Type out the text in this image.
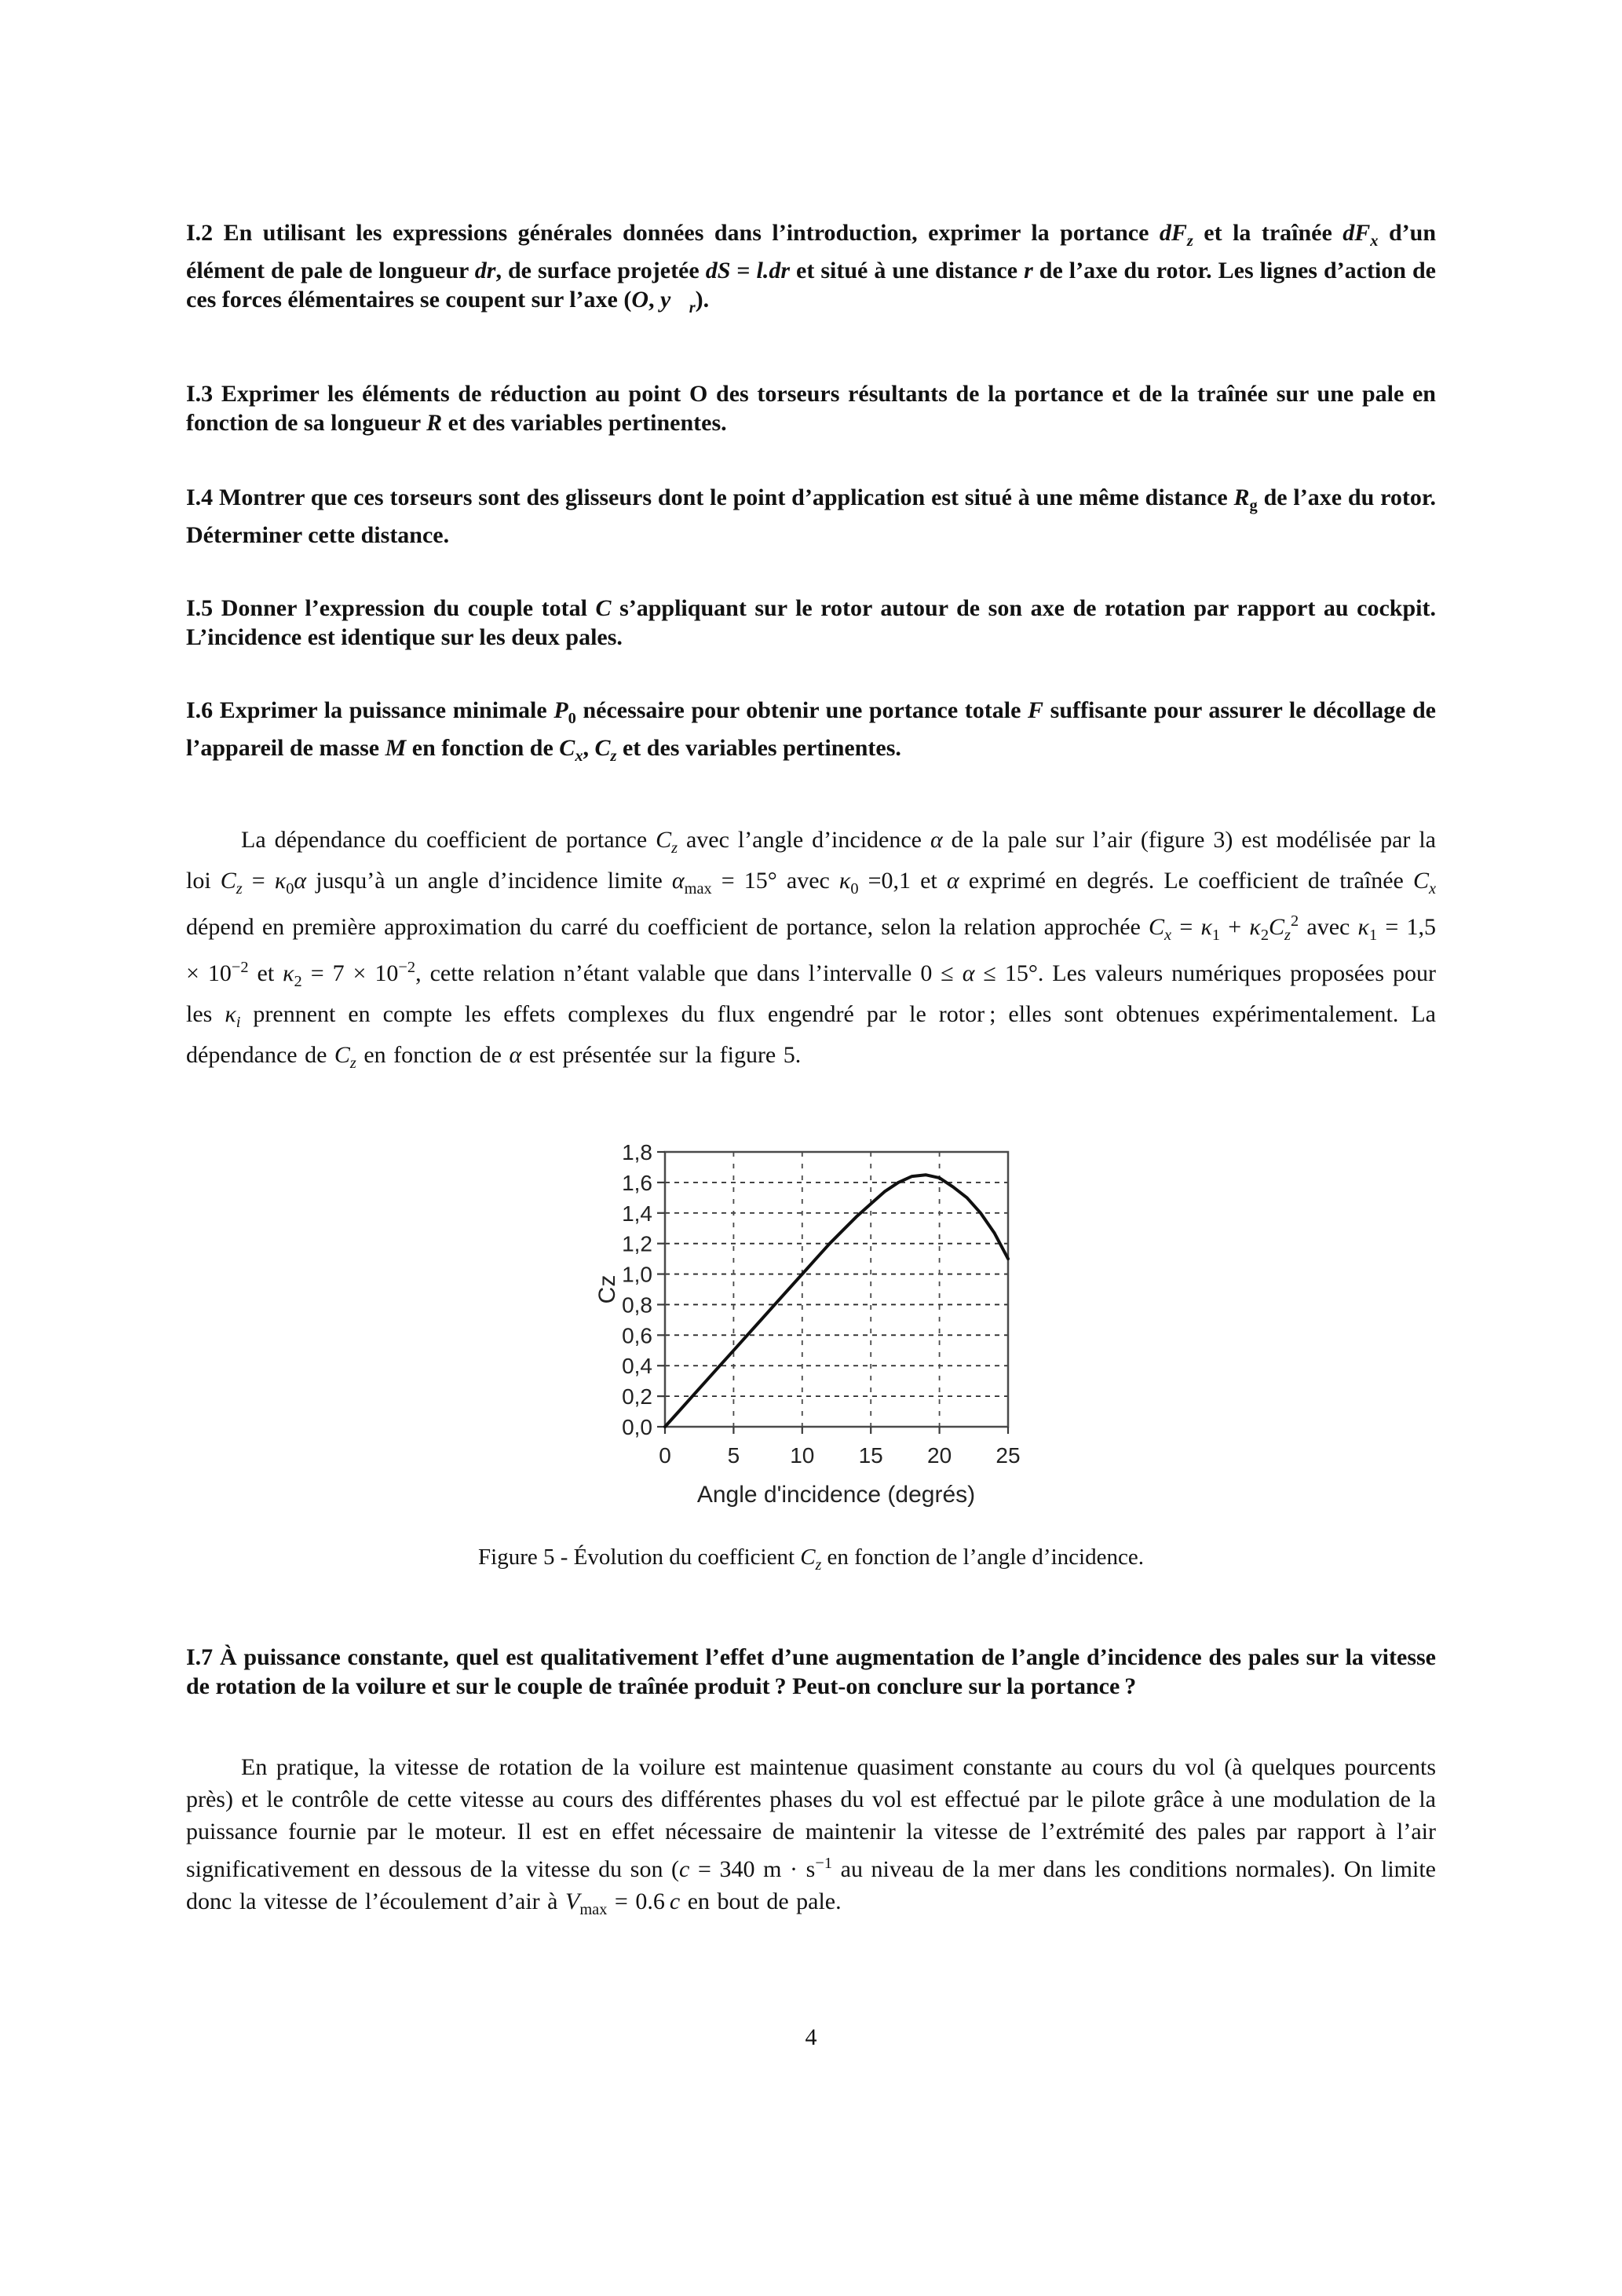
I.2 En utilisant les expressions générales données dans l’introduction, exprimer la portance $dF_z$ et la traînée $dF_x$ d’un élément de pale de longueur dr, de surface projetée dS = l.dr et situé à une distance r de l’axe du rotor. Les lignes d’action de ces forces élémentaires se coupent sur l’axe (O, $y⃗_r$).

I.3 Exprimer les éléments de réduction au point O des torseurs résultants de la portance et de la traînée sur une pale en fonction de sa longueur R et des variables pertinentes.

I.4 Montrer que ces torseurs sont des glisseurs dont le point d’application est situé à une même distance $R_g$ de l’axe du rotor. Déterminer cette distance.

I.5 Donner l’expression du couple total C s’appliquant sur le rotor autour de son axe de rotation par rapport au cockpit. L’incidence est identique sur les deux pales.

I.6 Exprimer la puissance minimale $P_0$ nécessaire pour obtenir une portance totale F suffisante pour assurer le décollage de l’appareil de masse M en fonction de $C_x$, $C_z$ et des variables pertinentes.

La dépendance du coefficient de portance $C_z$ avec l’angle d’incidence α de la pale sur l’air (figure 3) est modélisée par la loi $C_z = \kappa_0\alpha$ jusqu’à un angle d’incidence limite $\alpha_{max} = 15^\circ$ avec $\kappa_0 =0,1$ et α exprimé en degrés. Le coefficient de traînée $C_x$ dépend en première approximation du carré du coefficient de portance, selon la relation approchée $C_x = \kappa_1 + \kappa_2C_z^2$ avec $\kappa_1 = 1,5 \times 10^{-2}$ et $\kappa_2 = 7 \times 10^{-2}$, cette relation n’étant valable que dans l’intervalle 0 ≤ α ≤ 15°. Les valeurs numériques proposées pour les $\kappa_i$ prennent en compte les effets complexes du flux engendré par le rotor ; elles sont obtenues expérimentalement. La dépendance de $C_z$ en fonction de α est présentée sur la figure 5.

1,8
1,6
1,4
1,2
1,0
0,8
0,6
0,4
0,2
0,0
25
20
15
10
5
0
Angle d'incidence (degrés)
Cz

Figure 5 - Évolution du coefficient $C_z$ en fonction de l’angle d’incidence.

I.7 À puissance constante, quel est qualitativement l’effet d’une augmentation de l’angle d’incidence des pales sur la vitesse de rotation de la voilure et sur le couple de traînée produit ? Peut-on conclure sur la portance ?

En pratique, la vitesse de rotation de la voilure est maintenue quasiment constante au cours du vol (à quelques pourcents près) et le contrôle de cette vitesse au cours des différentes phases du vol est effectué par le pilote grâce à une modulation de la puissance fournie par le moteur. Il est en effet nécessaire de maintenir la vitesse de l’extrémité des pales par rapport à l’air significativement en dessous de la vitesse du son (c = 340 $m \cdot s^{-1}$ au niveau de la mer dans les conditions normales). On limite donc la vitesse de l’écoulement d’air à $V_{max} = 0.6$ c en bout de pale.

4
